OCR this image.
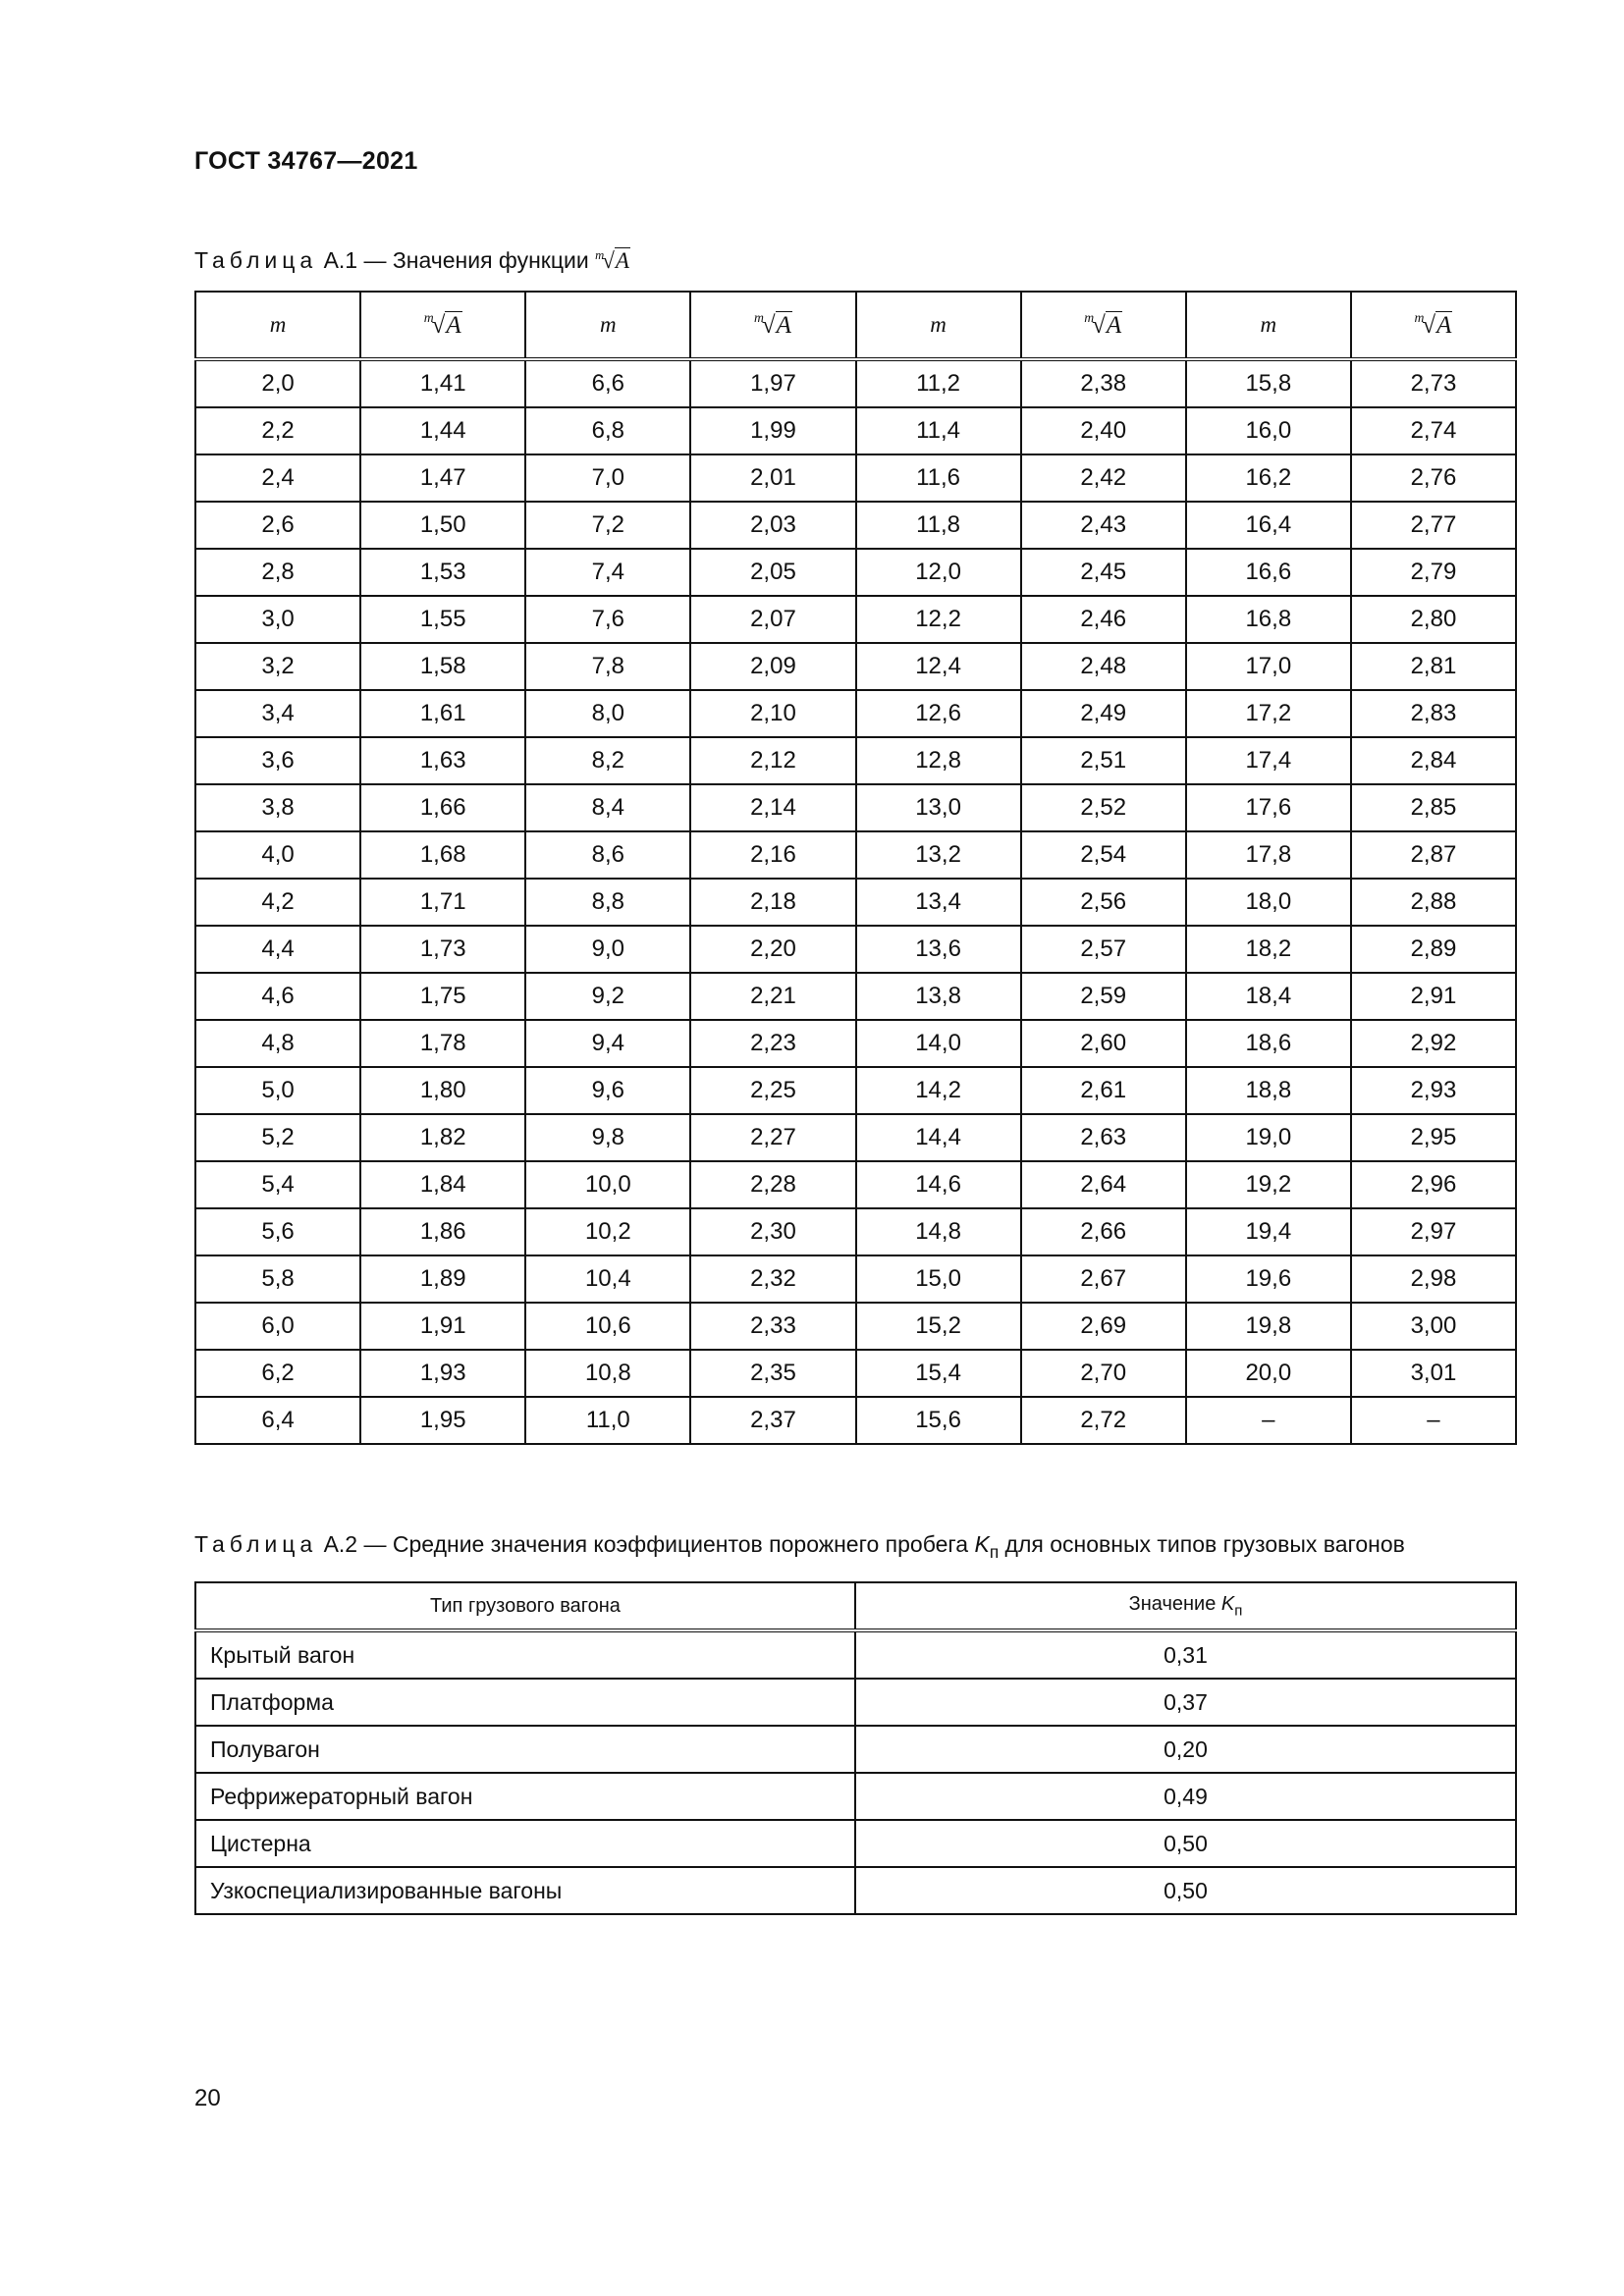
ГОСТ 34767—2021
Таблица А.1 — Значения функции $^m$√A
m	$^m$√A	m	$^m$√A	m	$^m$√A	m	$^m$√A
2,0	1,41	6,6	1,97	11,2	2,38	15,8	2,73
2,2	1,44	6,8	1,99	11,4	2,40	16,0	2,74
2,4	1,47	7,0	2,01	11,6	2,42	16,2	2,76
2,6	1,50	7,2	2,03	11,8	2,43	16,4	2,77
2,8	1,53	7,4	2,05	12,0	2,45	16,6	2,79
3,0	1,55	7,6	2,07	12,2	2,46	16,8	2,80
3,2	1,58	7,8	2,09	12,4	2,48	17,0	2,81
3,4	1,61	8,0	2,10	12,6	2,49	17,2	2,83
3,6	1,63	8,2	2,12	12,8	2,51	17,4	2,84
3,8	1,66	8,4	2,14	13,0	2,52	17,6	2,85
4,0	1,68	8,6	2,16	13,2	2,54	17,8	2,87
4,2	1,71	8,8	2,18	13,4	2,56	18,0	2,88
4,4	1,73	9,0	2,20	13,6	2,57	18,2	2,89
4,6	1,75	9,2	2,21	13,8	2,59	18,4	2,91
4,8	1,78	9,4	2,23	14,0	2,60	18,6	2,92
5,0	1,80	9,6	2,25	14,2	2,61	18,8	2,93
5,2	1,82	9,8	2,27	14,4	2,63	19,0	2,95
5,4	1,84	10,0	2,28	14,6	2,64	19,2	2,96
5,6	1,86	10,2	2,30	14,8	2,66	19,4	2,97
5,8	1,89	10,4	2,32	15,0	2,67	19,6	2,98
6,0	1,91	10,6	2,33	15,2	2,69	19,8	3,00
6,2	1,93	10,8	2,35	15,4	2,70	20,0	3,01
6,4	1,95	11,0	2,37	15,6	2,72	–	–
Таблица А.2 — Средние значения коэффициентов порожнего пробега $K_п$ для основных типов грузовых вагонов
Тип грузового вагона	Значение $K_п$
Крытый вагон	0,31
Платформа	0,37
Полувагон	0,20
Рефрижераторный вагон	0,49
Цистерна	0,50
Узкоспециализированные вагоны	0,50
20
